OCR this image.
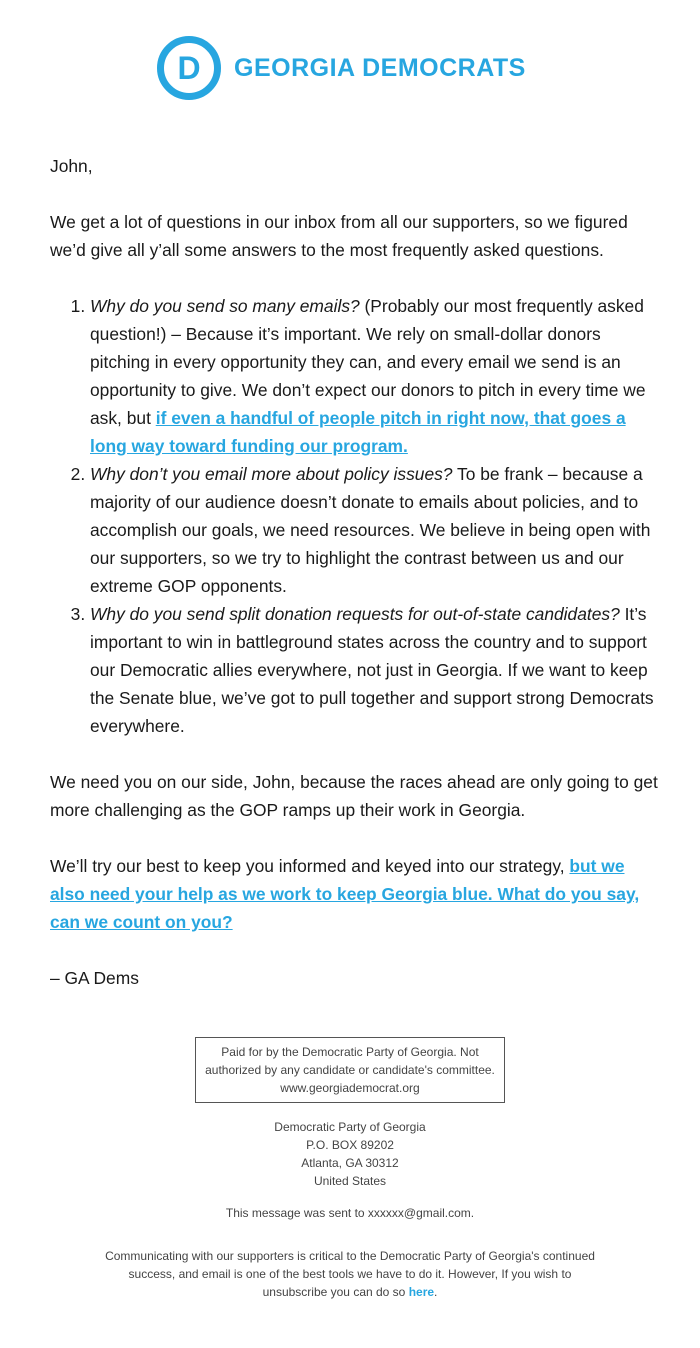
D GEORGIA DEMOCRATS

John,

We get a lot of questions in our inbox from all our supporters, so we figured we’d give all y’all some answers to the most frequently asked questions.

1. Why do you send so many emails? (Probably our most frequently asked question!) – Because it’s important. We rely on small-dollar donors pitching in every opportunity they can, and every email we send is an opportunity to give. We don’t expect our donors to pitch in every time we ask, but if even a handful of people pitch in right now, that goes a long way toward funding our program.
2. Why don’t you email more about policy issues? To be frank – because a majority of our audience doesn’t donate to emails about policies, and to accomplish our goals, we need resources. We believe in being open with our supporters, so we try to highlight the contrast between us and our extreme GOP opponents.
3. Why do you send split donation requests for out-of-state candidates? It’s important to win in battleground states across the country and to support our Democratic allies everywhere, not just in Georgia. If we want to keep the Senate blue, we’ve got to pull together and support strong Democrats everywhere.

We need you on our side, John, because the races ahead are only going to get more challenging as the GOP ramps up their work in Georgia.

We’ll try our best to keep you informed and keyed into our strategy, but we also need your help as we work to keep Georgia blue. What do you say, can we count on you?

– GA Dems

Paid for by the Democratic Party of Georgia. Not authorized by any candidate or candidate's committee.
www.georgiademocrat.org
Democratic Party of Georgia
P.O. BOX 89202
Atlanta, GA 30312
United States
This message was sent to xxxxxx@gmail.com.
Communicating with our supporters is critical to the Democratic Party of Georgia's continued success, and email is one of the best tools we have to do it. However, If you wish to unsubscribe you can do so here.
